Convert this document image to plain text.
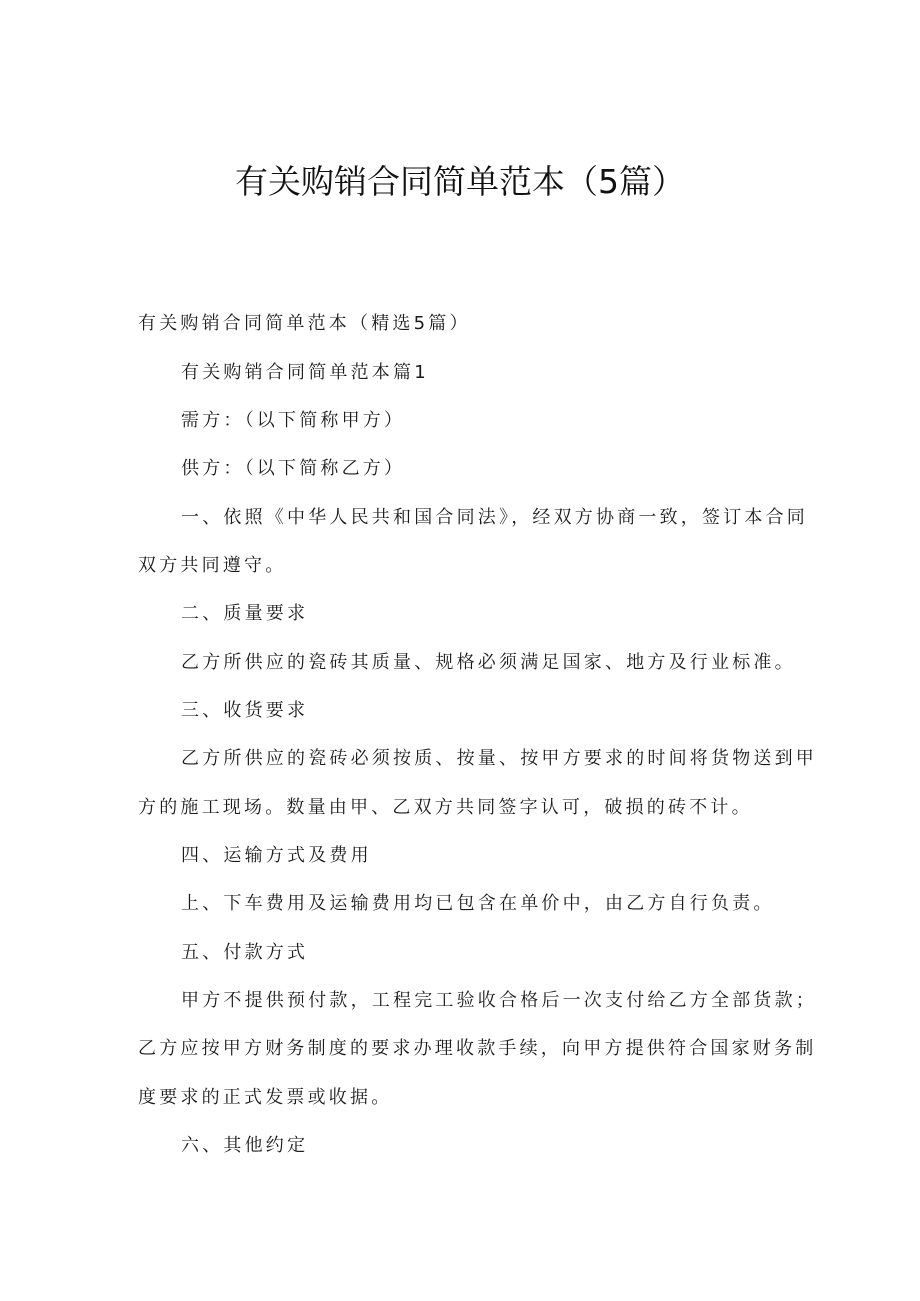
有关购销合同简单范本（5篇）
有关购销合同简单范本（精选5篇）
有关购销合同简单范本篇1
需方：（以下简称甲方）
供方：（以下简称乙方）
一、依照《中华人民共和国合同法》，经双方协商一致，签订本合同
双方共同遵守。
二、质量要求
乙方所供应的瓷砖其质量、规格必须满足国家、地方及行业标准。
三、收货要求
乙方所供应的瓷砖必须按质、按量、按甲方要求的时间将货物送到甲
方的施工现场。数量由甲、乙双方共同签字认可，破损的砖不计。
四、运输方式及费用
上、下车费用及运输费用均已包含在单价中，由乙方自行负责。
五、付款方式
甲方不提供预付款，工程完工验收合格后一次支付给乙方全部货款；
乙方应按甲方财务制度的要求办理收款手续，向甲方提供符合国家财务制
度要求的正式发票或收据。
六、其他约定
